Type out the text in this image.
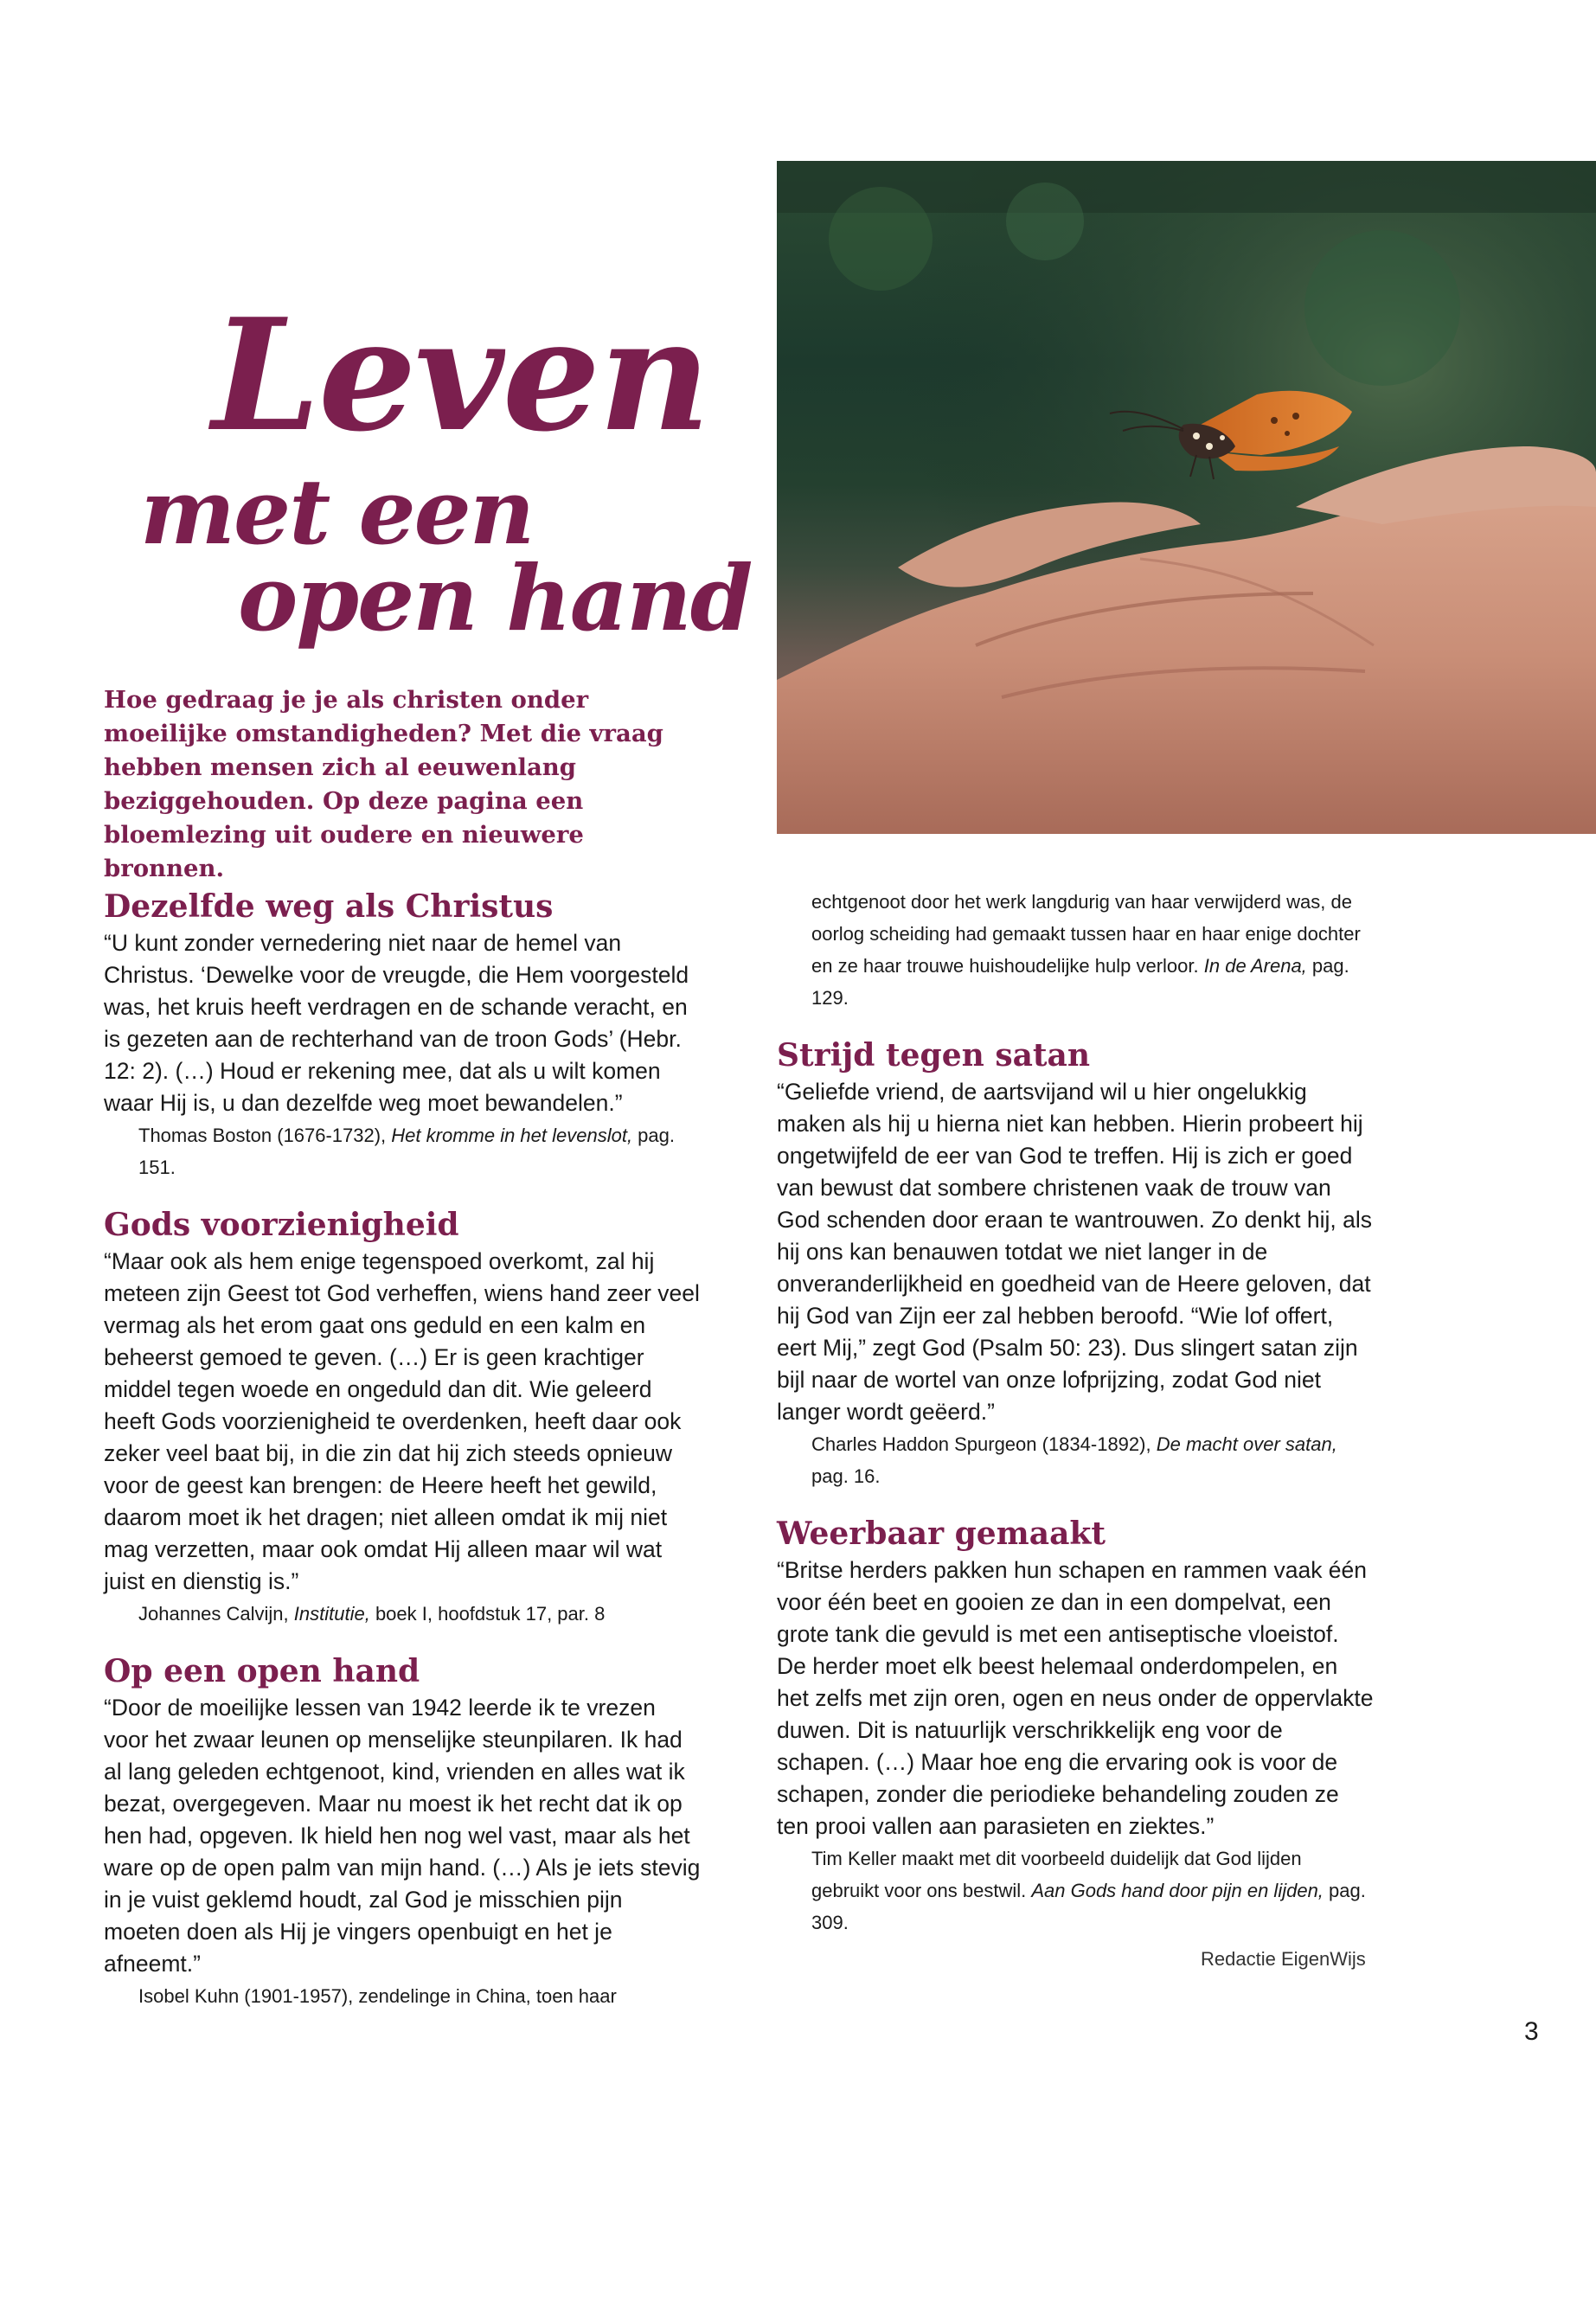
Leven
met een
open hand
Hoe gedraag je je als christen onder moeilijke omstandigheden? Met die vraag hebben mensen zich al eeuwenlang beziggehouden. Op deze pagina een bloemlezing uit oudere en nieuwere bronnen.
Dezelfde weg als Christus

“U kunt zonder vernedering niet naar de hemel van Christus. ‘Dewelke voor de vreugde, die Hem voorgesteld was, het kruis heeft verdragen en de schande veracht, en is gezeten aan de rechterhand van de troon Gods’ (Hebr. 12: 2). (…) Houd er rekening mee, dat als u wilt komen waar Hij is, u dan dezelfde weg moet bewandelen.”

Thomas Boston (1676-1732), Het kromme in het levenslot, pag. 151.

Gods voorzienigheid

“Maar ook als hem enige tegenspoed overkomt, zal hij meteen zijn Geest tot God verheffen, wiens hand zeer veel vermag als het erom gaat ons geduld en een kalm en beheerst gemoed te geven. (…) Er is geen krachtiger middel tegen woede en ongeduld dan dit. Wie geleerd heeft Gods voorzienigheid te overdenken, heeft daar ook zeker veel baat bij, in die zin dat hij zich steeds opnieuw voor de geest kan brengen: de Heere heeft het gewild, daarom moet ik het dragen; niet alleen omdat ik mij niet mag verzetten, maar ook omdat Hij alleen maar wil wat juist en dienstig is.”

Johannes Calvijn, Institutie, boek I, hoofdstuk 17, par. 8

Op een open hand

“Door de moeilijke lessen van 1942 leerde ik te vrezen voor het zwaar leunen op menselijke steunpilaren. Ik had al lang geleden echtgenoot, kind, vrienden en alles wat ik bezat, overgegeven. Maar nu moest ik het recht dat ik op hen had, opgeven. Ik hield hen nog wel vast, maar als het ware op de open palm van mijn hand. (…) Als je iets stevig in je vuist geklemd houdt, zal God je misschien pijn moeten doen als Hij je vingers openbuigt en het je afneemt.”

Isobel Kuhn (1901-1957), zendelinge in China, toen haar

echtgenoot door het werk langdurig van haar verwijderd was, de oorlog scheiding had gemaakt tussen haar en haar enige dochter en ze haar trouwe huishoudelijke hulp verloor. In de Arena, pag. 129.

Strijd tegen satan

“Geliefde vriend, de aartsvijand wil u hier ongelukkig maken als hij u hierna niet kan hebben. Hierin probeert hij ongetwijfeld de eer van God te treffen. Hij is zich er goed van bewust dat sombere christenen vaak de trouw van God schenden door eraan te wantrouwen. Zo denkt hij, als hij ons kan benauwen totdat we niet langer in de onveranderlijkheid en goedheid van de Heere geloven, dat hij God van Zijn eer zal hebben beroofd. “Wie lof offert, eert Mij,” zegt God (Psalm 50: 23). Dus slingert satan zijn bijl naar de wortel van onze lofprijzing, zodat God niet langer wordt geëerd.”

Charles Haddon Spurgeon (1834-1892), De macht over satan, pag. 16.

Weerbaar gemaakt

“Britse herders pakken hun schapen en rammen vaak één voor één beet en gooien ze dan in een dompelvat, een grote tank die gevuld is met een antiseptische vloeistof. De herder moet elk beest helemaal onderdompelen, en het zelfs met zijn oren, ogen en neus onder de oppervlakte duwen. Dit is natuurlijk verschrikkelijk eng voor de schapen. (…) Maar hoe eng die ervaring ook is voor de schapen, zonder die periodieke behandeling zouden ze ten prooi vallen aan parasieten en ziektes.”

Tim Keller maakt met dit voorbeeld duidelijk dat God lijden gebruikt voor ons bestwil. Aan Gods hand door pijn en lijden, pag. 309.

Redactie EigenWijs
3
